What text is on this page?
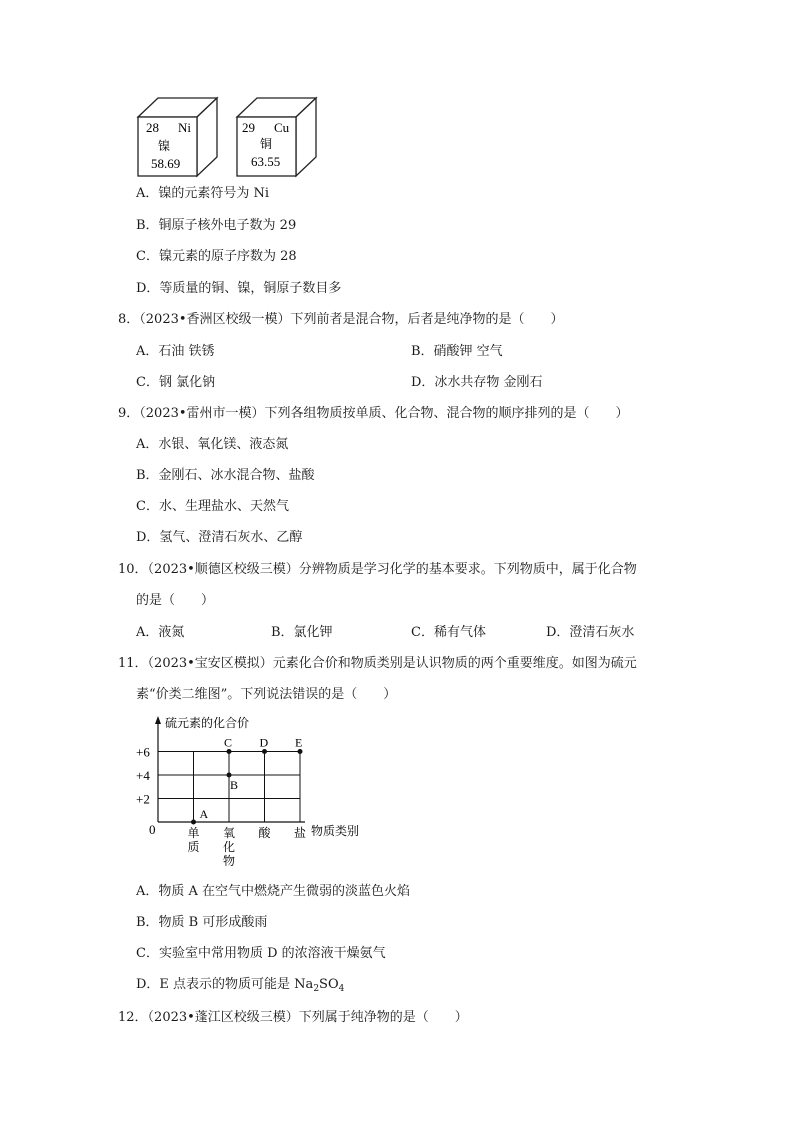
28 Ni
镍
58.69
29 Cu
铜
63.55
A．镍的元素符号为 Ni
B．铜原子核外电子数为 29
C．镍元素的原子序数为 28
D．等质量的铜、镍，铜原子数目多
8．（2023•香洲区校级一模）下列前者是混合物，后者是纯净物的是（　　）
A．石油 铁锈	B．硝酸钾 空气
C．钢 氯化钠	D．冰水共存物 金刚石
9．（2023•雷州市一模）下列各组物质按单质、化合物、混合物的顺序排列的是（　　）
A．水银、氧化镁、液态氮
B．金刚石、冰水混合物、盐酸
C．水、生理盐水、天然气
D．氢气、澄清石灰水、乙醇
10．（2023•顺德区校级三模）分辨物质是学习化学的基本要求。下列物质中，属于化合物
的是（　　）
A．液氮	B．氯化钾	C．稀有气体	D．澄清石灰水
11．（2023•宝安区模拟）元素化合价和物质类别是认识物质的两个重要维度。如图为硫元
素“价类二维图”。下列说法错误的是（　　）
硫元素的化合价
物质类别
+6
+4
+2
0	单
质
氧
化
物
酸 盐
A
B
C D E
A．物质 A 在空气中燃烧产生微弱的淡蓝色火焰
B．物质 B 可形成酸雨
C．实验室中常用物质 D 的浓溶液干燥氨气
D．E 点表示的物质可能是 $Na_2SO_4$
12．（2023•蓬江区校级三模）下列属于纯净物的是（　　）
